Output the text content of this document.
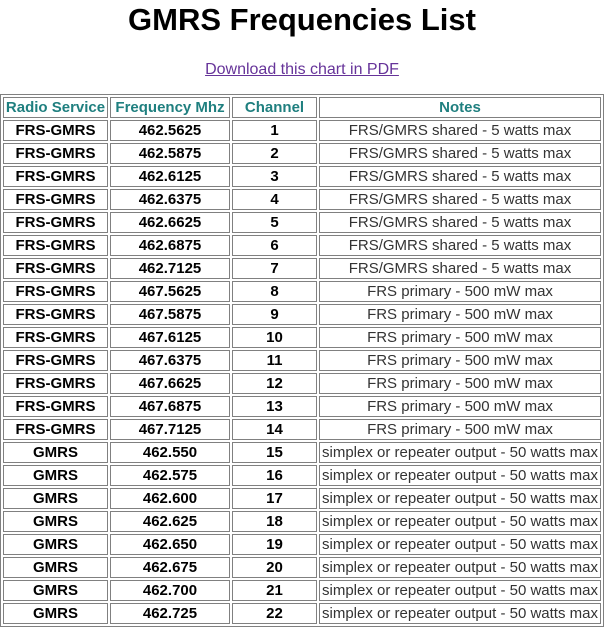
GMRS Frequencies List
Download this chart in PDF
Radio Service	Frequency Mhz	Channel	Notes
FRS-GMRS	462.5625	1	FRS/GMRS shared - 5 watts max
FRS-GMRS	462.5875	2	FRS/GMRS shared - 5 watts max
FRS-GMRS	462.6125	3	FRS/GMRS shared - 5 watts max
FRS-GMRS	462.6375	4	FRS/GMRS shared - 5 watts max
FRS-GMRS	462.6625	5	FRS/GMRS shared - 5 watts max
FRS-GMRS	462.6875	6	FRS/GMRS shared - 5 watts max
FRS-GMRS	462.7125	7	FRS/GMRS shared - 5 watts max
FRS-GMRS	467.5625	8	FRS primary - 500 mW max
FRS-GMRS	467.5875	9	FRS primary - 500 mW max
FRS-GMRS	467.6125	10	FRS primary - 500 mW max
FRS-GMRS	467.6375	11	FRS primary - 500 mW max
FRS-GMRS	467.6625	12	FRS primary - 500 mW max
FRS-GMRS	467.6875	13	FRS primary - 500 mW max
FRS-GMRS	467.7125	14	FRS primary - 500 mW max
GMRS	462.550	15	simplex or repeater output - 50 watts max
GMRS	462.575	16	simplex or repeater output - 50 watts max
GMRS	462.600	17	simplex or repeater output - 50 watts max
GMRS	462.625	18	simplex or repeater output - 50 watts max
GMRS	462.650	19	simplex or repeater output - 50 watts max
GMRS	462.675	20	simplex or repeater output - 50 watts max
GMRS	462.700	21	simplex or repeater output - 50 watts max
GMRS	462.725	22	simplex or repeater output - 50 watts max
